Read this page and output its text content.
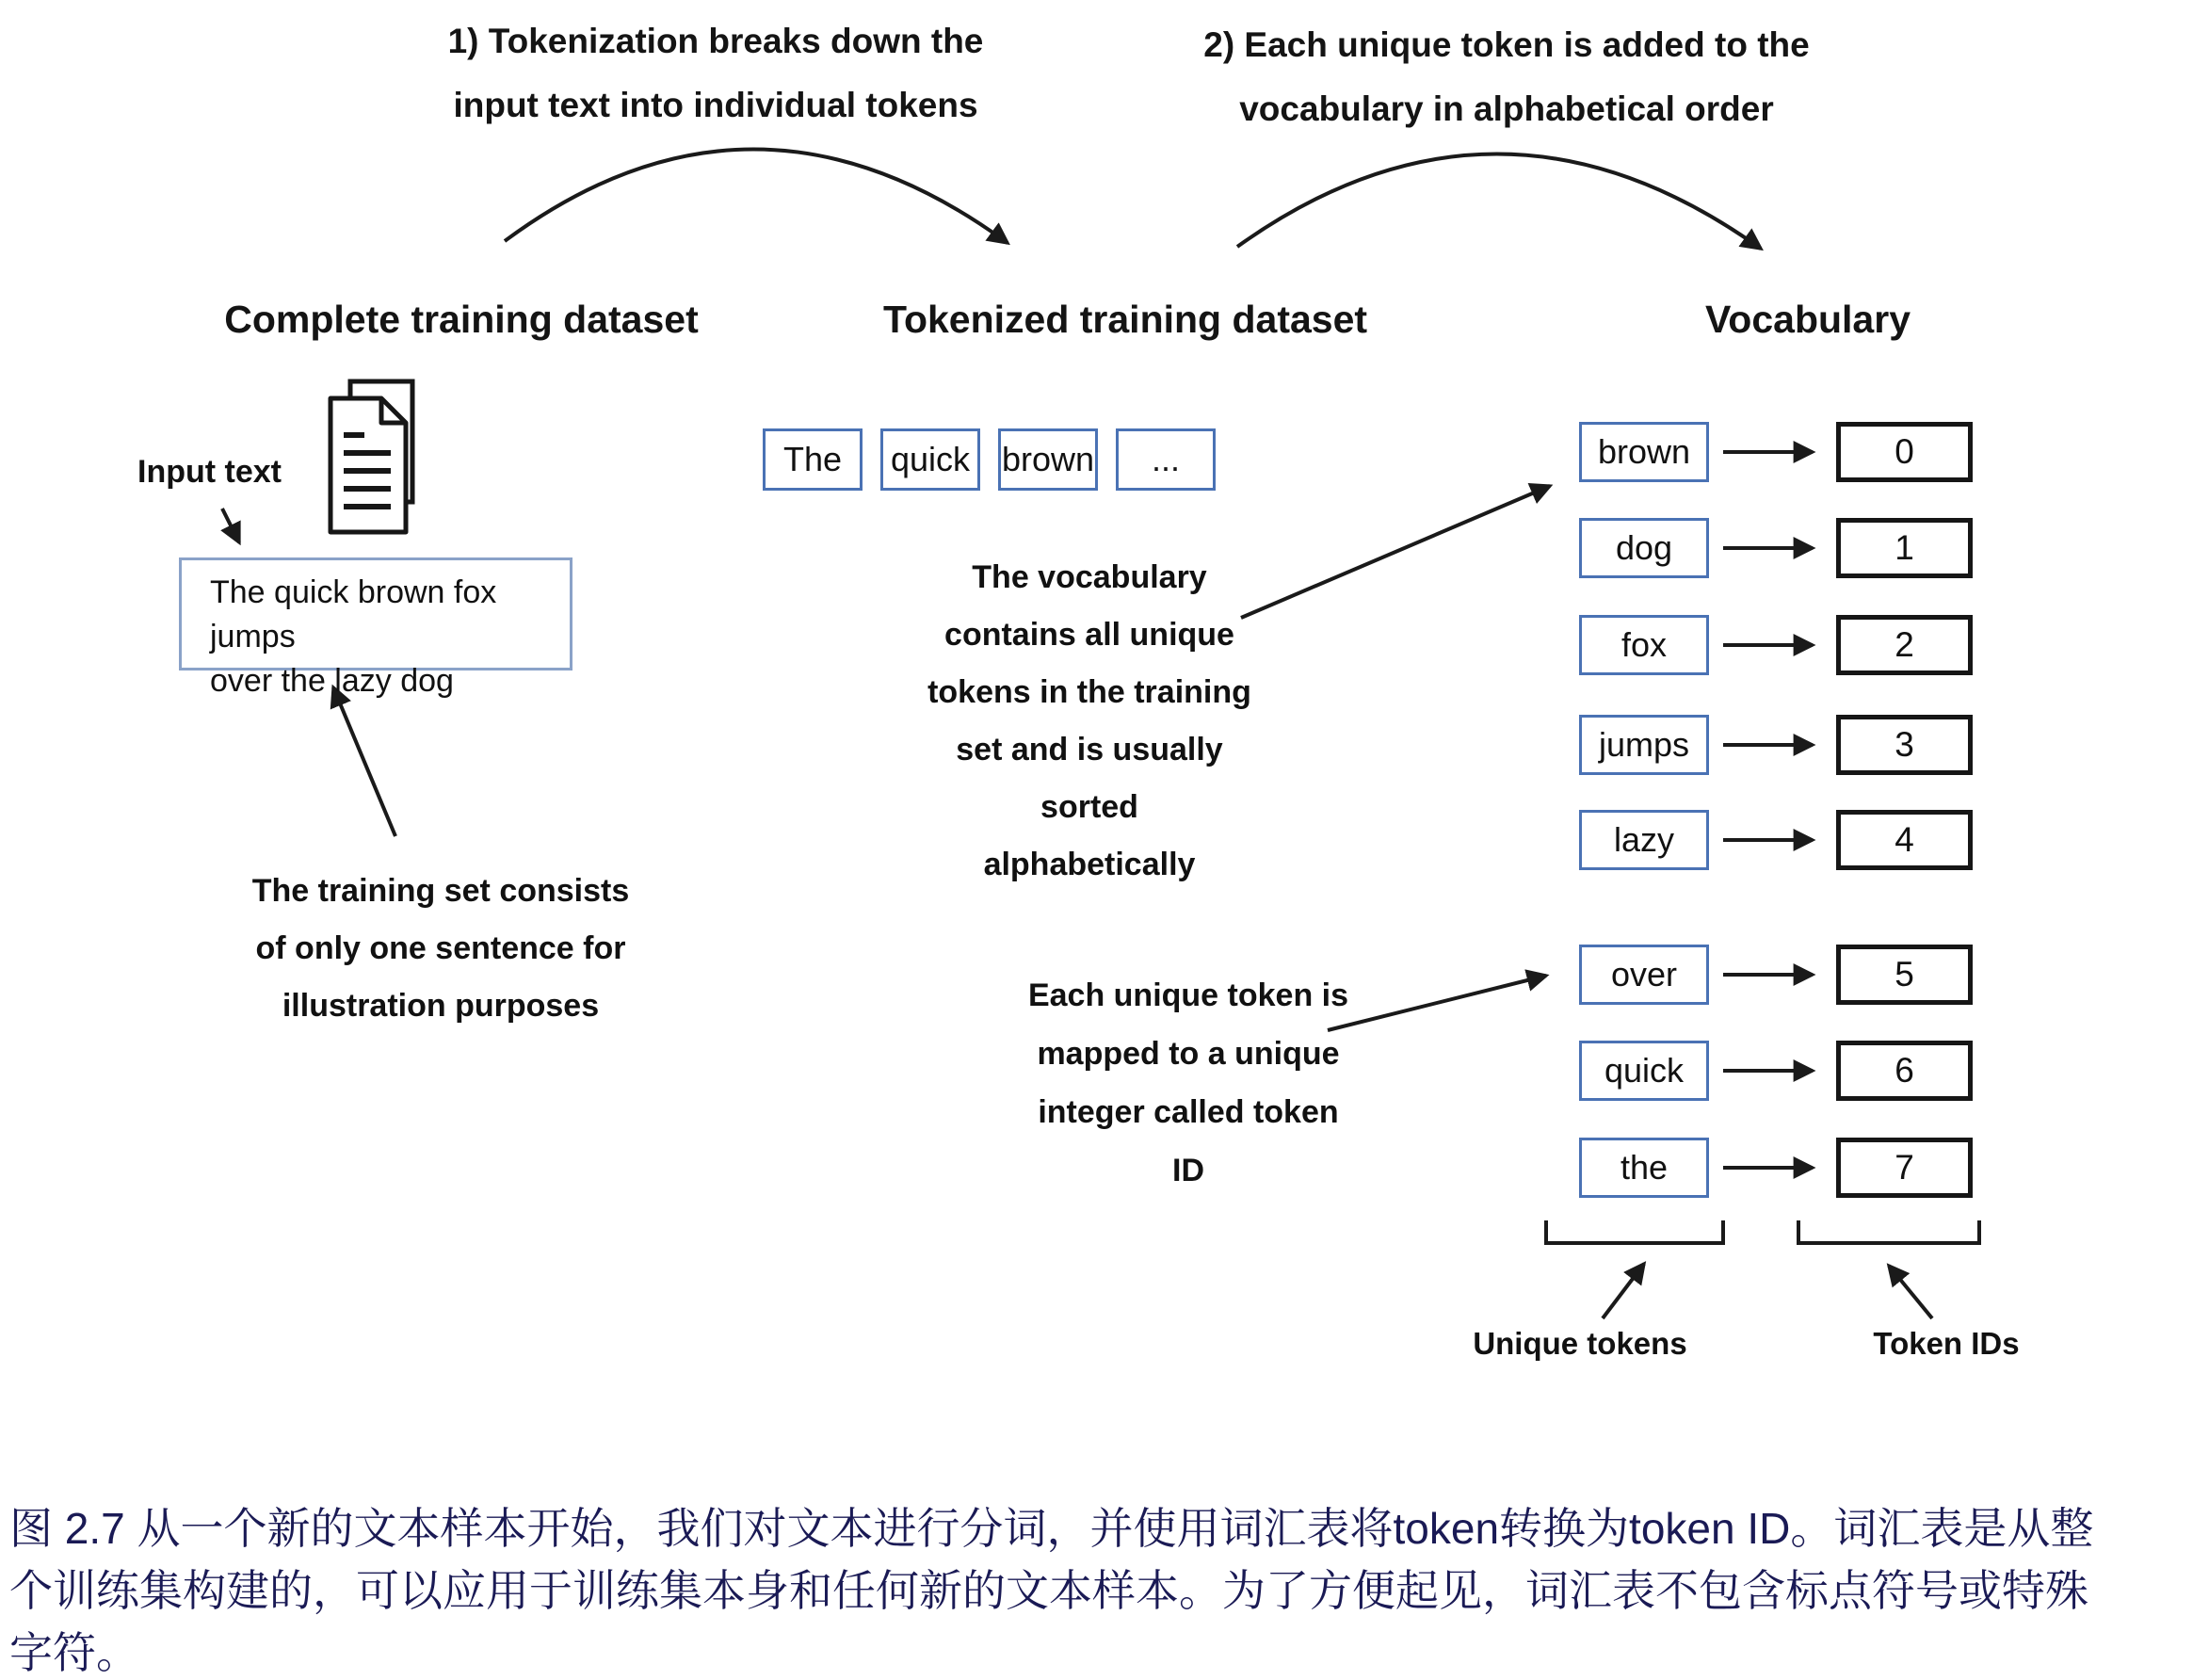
1) Tokenization breaks down the
input text into individual tokens
2) Each unique token is added to the
vocabulary in alphabetical order
Complete training dataset	Tokenized training dataset	Vocabulary
Input text
The quick brown fox jumps
over the lazy dog
The training set consists
of only one sentence for
illustration purposes
The quick brown ...
The vocabulary
contains all unique
tokens in the training
set and is usually
sorted
alphabetically
Each unique token is
mapped to a unique
integer called token
ID
brown	0
dog	1
fox	2
jumps	3
lazy	4
over	5
quick	6
the	7
Unique tokens	Token IDs
图 2.7 从一个新的文本样本开始，我们对文本进行分词，并使用词汇表将token转换为token ID。词汇表是从整
个训练集构建的，可以应用于训练集本身和任何新的文本样本。为了方便起见，词汇表不包含标点符号或特殊
字符。
